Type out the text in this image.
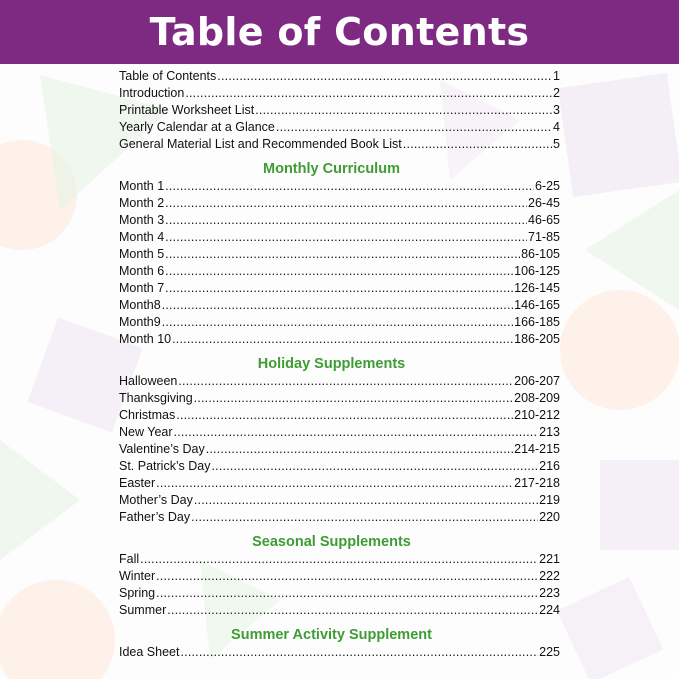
Table of Contents
Table of Contents .....	1
Introduction .....	2
Printable Worksheet List .....	3
Yearly Calendar at a Glance .....	4
General Material List and Recommended Book List .....	5
Monthly Curriculum
Month 1 .....	6-25
Month 2 .....	26-45
Month 3 .....	46-65
Month 4 .....	71-85
Month 5 .....	86-105
Month 6 .....	106-125
Month 7 .....	126-145
Month8 .....	146-165
Month9 .....	166-185
Month 10 .....	186-205
Holiday Supplements
Halloween .....	206-207
Thanksgiving .....	208-209
Christmas .....	210-212
New Year .....	213
Valentine’s Day .....	214-215
St. Patrick’s Day .....	216
Easter .....	217-218
Mother’s Day .....	219
Father’s Day .....	220
Seasonal Supplements
Fall .....	221
Winter .....	222
Spring .....	223
Summer .....	224
Summer Activity Supplement
Idea Sheet .....	225
